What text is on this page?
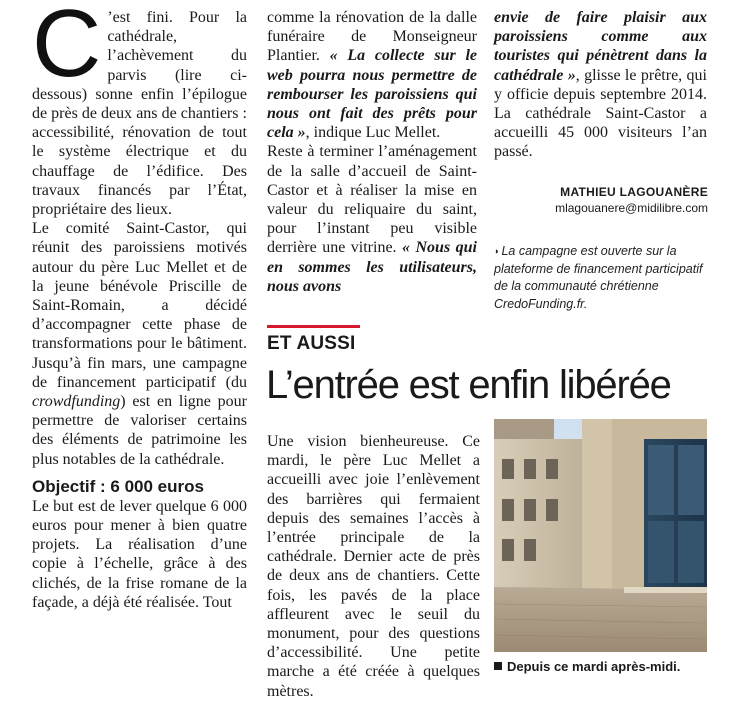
C ’est fini. Pour la cathédrale, l’achèvement du parvis (lire ci-dessous) sonne enfin l’épilogue de près de deux ans de chantiers : accessibilité, rénovation de tout le système électrique et du chauffage de l’édifice. Des travaux financés par l’État, propriétaire des lieux.

Le comité Saint-Castor, qui réunit des paroissiens motivés autour du père Luc Mellet et de la jeune bénévole Priscille de Saint-Romain, a décidé d’accompagner cette phase de transformations pour le bâtiment. Jusqu’à fin mars, une campagne de financement participatif (du crowdfunding) est en ligne pour permettre de valoriser certains des éléments de patrimoine les plus notables de la cathédrale.

Objectif : 6 000 euros

Le but est de lever quelque 6 000 euros pour mener à bien quatre projets. La réalisation d’une copie à l’échelle, grâce à des clichés, de la frise romane de la façade, a déjà été réalisée. Tout

comme la rénovation de la dalle funéraire de Monseigneur Plantier. « La collecte sur le web pourra nous permettre de rembourser les paroissiens qui nous ont fait des prêts pour cela », indique Luc Mellet.

Reste à terminer l’aménagement de la salle d’accueil de Saint-Castor et à réaliser la mise en valeur du reliquaire du saint, pour l’instant peu visible derrière une vitrine. « Nous qui en sommes les utilisateurs, nous avons

envie de faire plaisir aux paroissiens comme aux touristes qui pénètrent dans la cathédrale », glisse le prêtre, qui y officie depuis septembre 2014. La cathédrale Saint-Castor a accueilli 45 000 visiteurs l’an passé.

MATHIEU LAGOUANÈRE
mlagouanere@midilibre.com
◗ La campagne est ouverte sur la plateforme de financement participatif de la communauté chrétienne CredoFunding.fr.
ET AUSSI
L’entrée est enfin libérée

Une vision bienheureuse. Ce mardi, le père Luc Mellet a accueilli avec joie l’enlèvement des barrières qui fermaient depuis des semaines l’accès à l’entrée principale de la cathédrale. Dernier acte de près de deux ans de chantiers. Cette fois, les pavés de la place affleurent avec le seuil du monument, pour des questions d’accessibilité. Une petite marche a été créée à quelques mètres.

Depuis ce mardi après-midi.
